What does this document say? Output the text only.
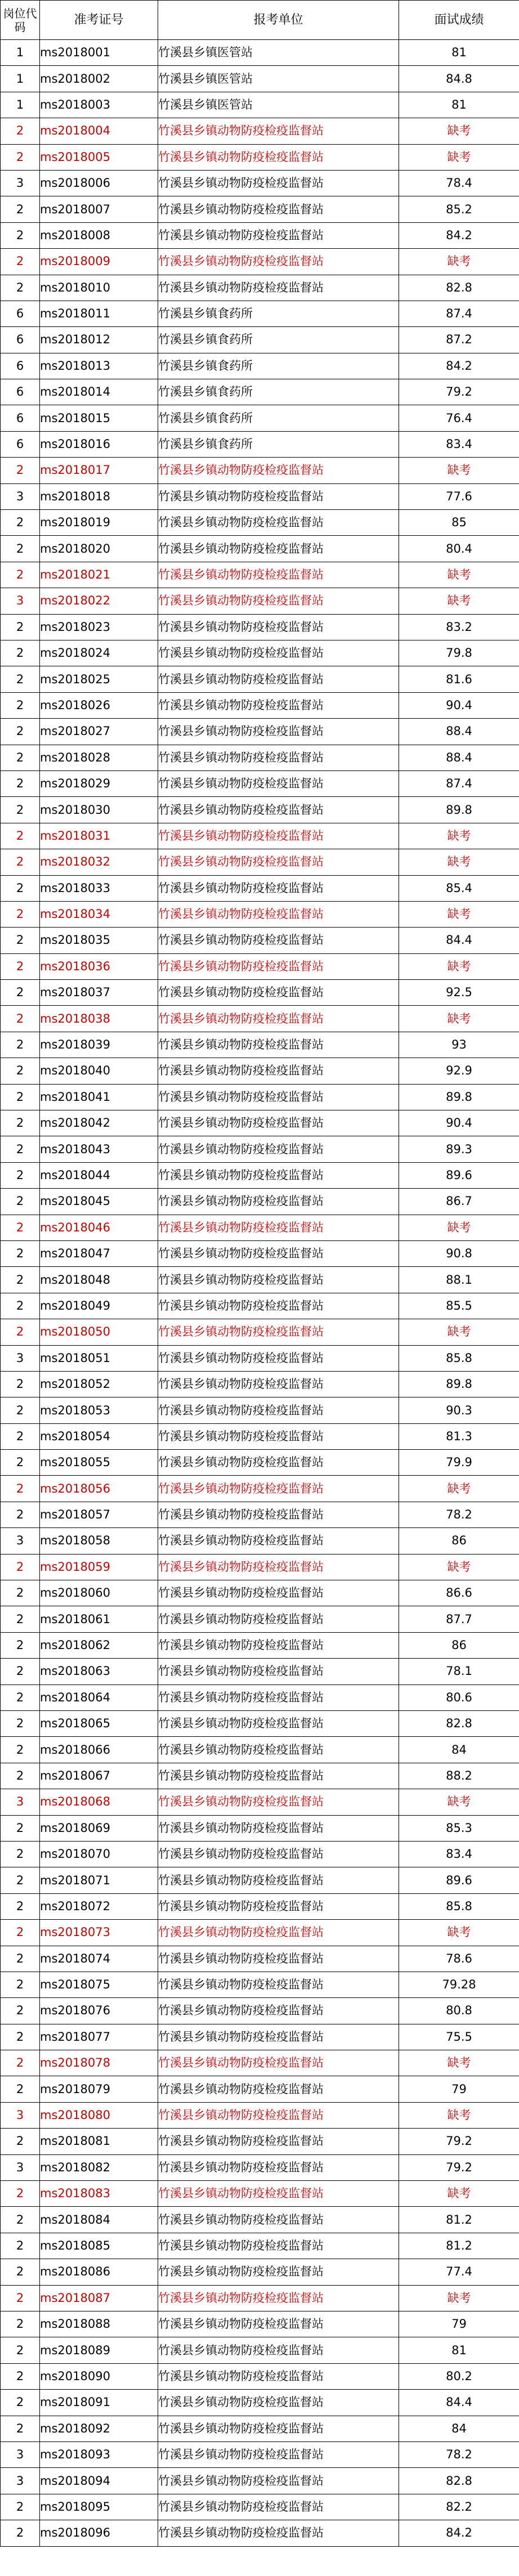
岗位代码	准考证号	报考单位	面试成绩
1	ms2018001	竹溪县乡镇医管站	81
1	ms2018002	竹溪县乡镇医管站	84.8
1	ms2018003	竹溪县乡镇医管站	81
2	ms2018004	竹溪县乡镇动物防疫检疫监督站	缺考
2	ms2018005	竹溪县乡镇动物防疫检疫监督站	缺考
3	ms2018006	竹溪县乡镇动物防疫检疫监督站	78.4
2	ms2018007	竹溪县乡镇动物防疫检疫监督站	85.2
2	ms2018008	竹溪县乡镇动物防疫检疫监督站	84.2
2	ms2018009	竹溪县乡镇动物防疫检疫监督站	缺考
2	ms2018010	竹溪县乡镇动物防疫检疫监督站	82.8
6	ms2018011	竹溪县乡镇食药所	87.4
6	ms2018012	竹溪县乡镇食药所	87.2
6	ms2018013	竹溪县乡镇食药所	84.2
6	ms2018014	竹溪县乡镇食药所	79.2
6	ms2018015	竹溪县乡镇食药所	76.4
6	ms2018016	竹溪县乡镇食药所	83.4
2	ms2018017	竹溪县乡镇动物防疫检疫监督站	缺考
3	ms2018018	竹溪县乡镇动物防疫检疫监督站	77.6
2	ms2018019	竹溪县乡镇动物防疫检疫监督站	85
2	ms2018020	竹溪县乡镇动物防疫检疫监督站	80.4
2	ms2018021	竹溪县乡镇动物防疫检疫监督站	缺考
3	ms2018022	竹溪县乡镇动物防疫检疫监督站	缺考
2	ms2018023	竹溪县乡镇动物防疫检疫监督站	83.2
2	ms2018024	竹溪县乡镇动物防疫检疫监督站	79.8
2	ms2018025	竹溪县乡镇动物防疫检疫监督站	81.6
2	ms2018026	竹溪县乡镇动物防疫检疫监督站	90.4
2	ms2018027	竹溪县乡镇动物防疫检疫监督站	88.4
2	ms2018028	竹溪县乡镇动物防疫检疫监督站	88.4
2	ms2018029	竹溪县乡镇动物防疫检疫监督站	87.4
2	ms2018030	竹溪县乡镇动物防疫检疫监督站	89.8
2	ms2018031	竹溪县乡镇动物防疫检疫监督站	缺考
2	ms2018032	竹溪县乡镇动物防疫检疫监督站	缺考
2	ms2018033	竹溪县乡镇动物防疫检疫监督站	85.4
2	ms2018034	竹溪县乡镇动物防疫检疫监督站	缺考
2	ms2018035	竹溪县乡镇动物防疫检疫监督站	84.4
2	ms2018036	竹溪县乡镇动物防疫检疫监督站	缺考
2	ms2018037	竹溪县乡镇动物防疫检疫监督站	92.5
2	ms2018038	竹溪县乡镇动物防疫检疫监督站	缺考
2	ms2018039	竹溪县乡镇动物防疫检疫监督站	93
2	ms2018040	竹溪县乡镇动物防疫检疫监督站	92.9
2	ms2018041	竹溪县乡镇动物防疫检疫监督站	89.8
2	ms2018042	竹溪县乡镇动物防疫检疫监督站	90.4
2	ms2018043	竹溪县乡镇动物防疫检疫监督站	89.3
2	ms2018044	竹溪县乡镇动物防疫检疫监督站	89.6
2	ms2018045	竹溪县乡镇动物防疫检疫监督站	86.7
2	ms2018046	竹溪县乡镇动物防疫检疫监督站	缺考
2	ms2018047	竹溪县乡镇动物防疫检疫监督站	90.8
2	ms2018048	竹溪县乡镇动物防疫检疫监督站	88.1
2	ms2018049	竹溪县乡镇动物防疫检疫监督站	85.5
2	ms2018050	竹溪县乡镇动物防疫检疫监督站	缺考
3	ms2018051	竹溪县乡镇动物防疫检疫监督站	85.8
2	ms2018052	竹溪县乡镇动物防疫检疫监督站	89.8
2	ms2018053	竹溪县乡镇动物防疫检疫监督站	90.3
2	ms2018054	竹溪县乡镇动物防疫检疫监督站	81.3
2	ms2018055	竹溪县乡镇动物防疫检疫监督站	79.9
2	ms2018056	竹溪县乡镇动物防疫检疫监督站	缺考
2	ms2018057	竹溪县乡镇动物防疫检疫监督站	78.2
3	ms2018058	竹溪县乡镇动物防疫检疫监督站	86
2	ms2018059	竹溪县乡镇动物防疫检疫监督站	缺考
2	ms2018060	竹溪县乡镇动物防疫检疫监督站	86.6
2	ms2018061	竹溪县乡镇动物防疫检疫监督站	87.7
2	ms2018062	竹溪县乡镇动物防疫检疫监督站	86
2	ms2018063	竹溪县乡镇动物防疫检疫监督站	78.1
2	ms2018064	竹溪县乡镇动物防疫检疫监督站	80.6
2	ms2018065	竹溪县乡镇动物防疫检疫监督站	82.8
2	ms2018066	竹溪县乡镇动物防疫检疫监督站	84
2	ms2018067	竹溪县乡镇动物防疫检疫监督站	88.2
3	ms2018068	竹溪县乡镇动物防疫检疫监督站	缺考
2	ms2018069	竹溪县乡镇动物防疫检疫监督站	85.3
2	ms2018070	竹溪县乡镇动物防疫检疫监督站	83.4
2	ms2018071	竹溪县乡镇动物防疫检疫监督站	89.6
2	ms2018072	竹溪县乡镇动物防疫检疫监督站	85.8
2	ms2018073	竹溪县乡镇动物防疫检疫监督站	缺考
2	ms2018074	竹溪县乡镇动物防疫检疫监督站	78.6
2	ms2018075	竹溪县乡镇动物防疫检疫监督站	79.28
2	ms2018076	竹溪县乡镇动物防疫检疫监督站	80.8
2	ms2018077	竹溪县乡镇动物防疫检疫监督站	75.5
2	ms2018078	竹溪县乡镇动物防疫检疫监督站	缺考
2	ms2018079	竹溪县乡镇动物防疫检疫监督站	79
3	ms2018080	竹溪县乡镇动物防疫检疫监督站	缺考
2	ms2018081	竹溪县乡镇动物防疫检疫监督站	79.2
3	ms2018082	竹溪县乡镇动物防疫检疫监督站	79.2
2	ms2018083	竹溪县乡镇动物防疫检疫监督站	缺考
2	ms2018084	竹溪县乡镇动物防疫检疫监督站	81.2
2	ms2018085	竹溪县乡镇动物防疫检疫监督站	81.2
2	ms2018086	竹溪县乡镇动物防疫检疫监督站	77.4
2	ms2018087	竹溪县乡镇动物防疫检疫监督站	缺考
2	ms2018088	竹溪县乡镇动物防疫检疫监督站	79
2	ms2018089	竹溪县乡镇动物防疫检疫监督站	81
2	ms2018090	竹溪县乡镇动物防疫检疫监督站	80.2
2	ms2018091	竹溪县乡镇动物防疫检疫监督站	84.4
2	ms2018092	竹溪县乡镇动物防疫检疫监督站	84
3	ms2018093	竹溪县乡镇动物防疫检疫监督站	78.2
3	ms2018094	竹溪县乡镇动物防疫检疫监督站	82.8
2	ms2018095	竹溪县乡镇动物防疫检疫监督站	82.2
2	ms2018096	竹溪县乡镇动物防疫检疫监督站	84.2
